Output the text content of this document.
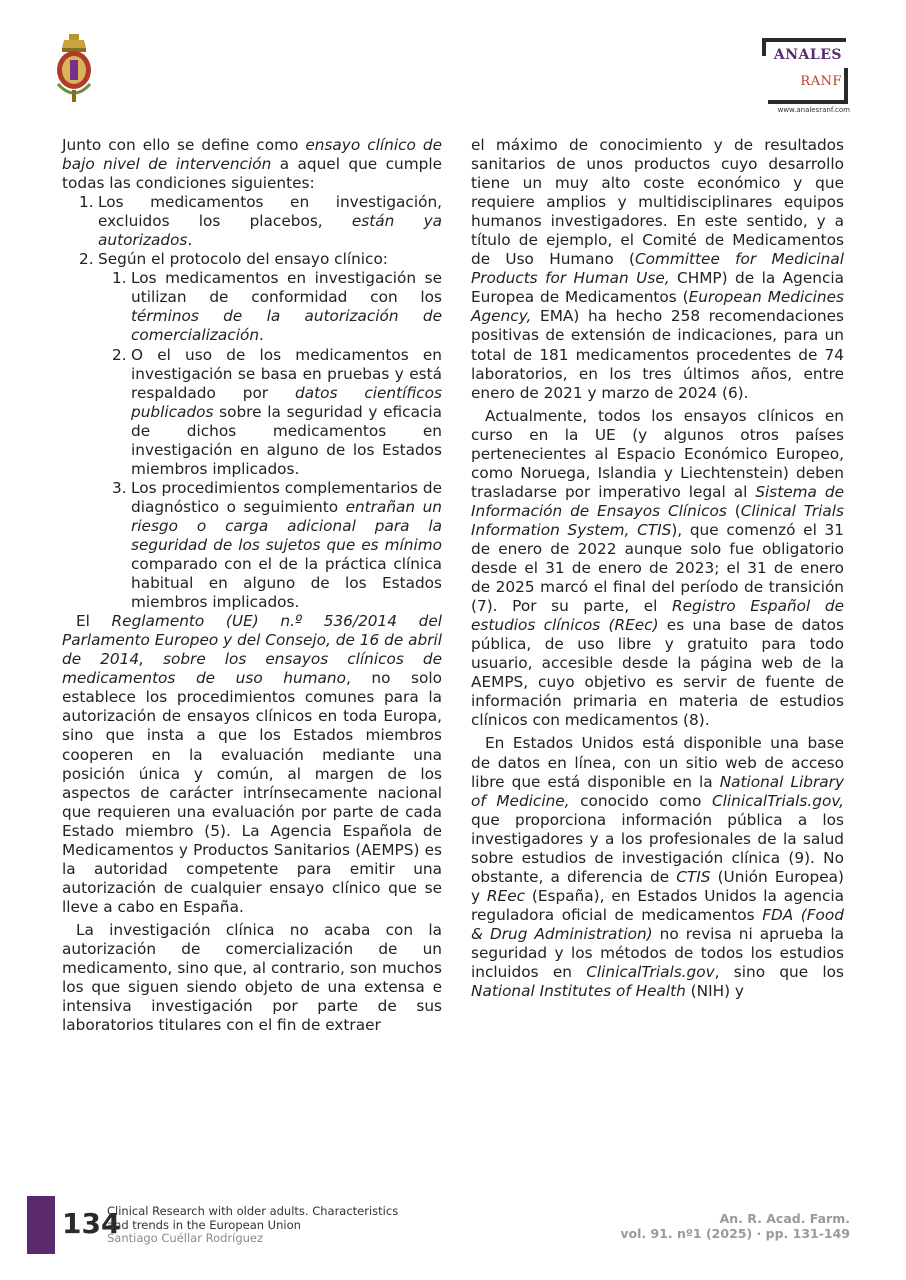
ANALES
RANF
www.analesranf.com

Junto con ello se define como ensayo clínico de bajo nivel de intervención a aquel que cumple todas las condiciones siguientes:

1. Los medicamentos en investigación, excluidos los placebos, están ya autorizados.
2. Según el protocolo del ensayo clínico:
1. Los medicamentos en investigación se utilizan de conformidad con los términos de la autorización de comercialización.
2. O el uso de los medicamentos en investigación se basa en pruebas y está respaldado por datos científicos publicados sobre la seguridad y eficacia de dichos medicamentos en investigación en alguno de los Estados miembros implicados.
3. Los procedimientos complementarios de diagnóstico o seguimiento entrañan un riesgo o carga adicional para la seguridad de los sujetos que es mínimo comparado con el de la práctica clínica habitual en alguno de los Estados miembros implicados.

El Reglamento (UE) n.º 536/2014 del Parlamento Europeo y del Consejo, de 16 de abril de 2014, sobre los ensayos clínicos de medicamentos de uso humano, no solo establece los procedimientos comunes para la autorización de ensayos clínicos en toda Europa, sino que insta a que los Estados miembros cooperen en la evaluación mediante una posición única y común, al margen de los aspectos de carácter intrínsecamente nacional que requieren una evaluación por parte de cada Estado miembro (5). La Agencia Española de Medicamentos y Productos Sanitarios (AEMPS) es la autoridad competente para emitir una autorización de cualquier ensayo clínico que se lleve a cabo en España.

La investigación clínica no acaba con la autorización de comercialización de un medicamento, sino que, al contrario, son muchos los que siguen siendo objeto de una extensa e intensiva investigación por parte de sus laboratorios titulares con el fin de extraer

el máximo de conocimiento y de resultados sanitarios de unos productos cuyo desarrollo tiene un muy alto coste económico y que requiere amplios y multidisciplinares equipos humanos investigadores. En este sentido, y a título de ejemplo, el Comité de Medicamentos de Uso Humano (Committee for Medicinal Products for Human Use, CHMP) de la Agencia Europea de Medicamentos (European Medicines Agency, EMA) ha hecho 258 recomendaciones positivas de extensión de indicaciones, para un total de 181 medicamentos procedentes de 74 laboratorios, en los tres últimos años, entre enero de 2021 y marzo de 2024 (6).

Actualmente, todos los ensayos clínicos en curso en la UE (y algunos otros países pertenecientes al Espacio Económico Europeo, como Noruega, Islandia y Liechtenstein) deben trasladarse por imperativo legal al Sistema de Información de Ensayos Clínicos (Clinical Trials Information System, CTIS), que comenzó el 31 de enero de 2022 aunque solo fue obligatorio desde el 31 de enero de 2023; el 31 de enero de 2025 marcó el final del período de transición (7). Por su parte, el Registro Español de estudios clínicos (REec) es una base de datos pública, de uso libre y gratuito para todo usuario, accesible desde la página web de la AEMPS, cuyo objetivo es servir de fuente de información primaria en materia de estudios clínicos con medicamentos (8).

En Estados Unidos está disponible una base de datos en línea, con un sitio web de acceso libre que está disponible en la National Library of Medicine, conocido como ClinicalTrials.gov, que proporciona información pública a los investigadores y a los profesionales de la salud sobre estudios de investigación clínica (9). No obstante, a diferencia de CTIS (Unión Europea) y REec (España), en Estados Unidos la agencia reguladora oficial de medicamentos FDA (Food & Drug Administration) no revisa ni aprueba la seguridad y los métodos de todos los estudios incluidos en ClinicalTrials.gov, sino que los National Institutes of Health (NIH) y

134
Clinical Research with older adults. Characteristics
and trends in the European Union
Santiago Cuéllar Rodríguez
An. R. Acad. Farm.
vol. 91. nº1 (2025) · pp. 131-149
